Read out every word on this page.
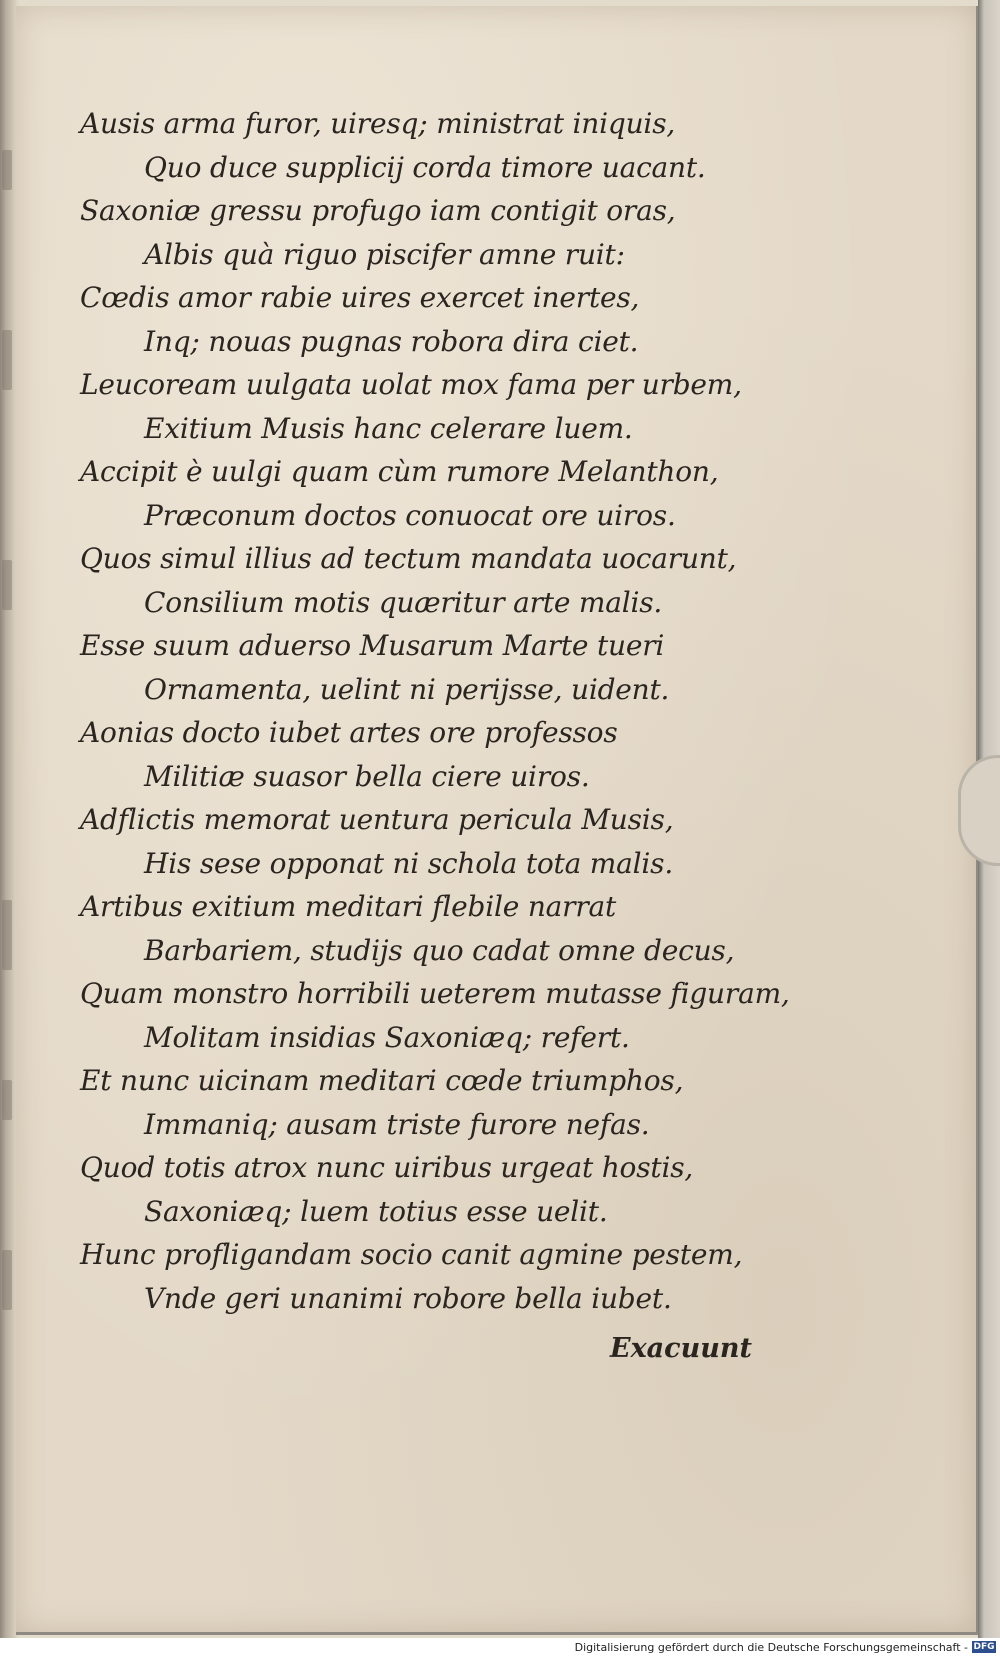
Ausis arma furor, uiresq; ministrat iniquis,
Quo duce supplicij corda timore uacant.
Saxoniæ gressu profugo iam contigit oras,
Albis quà riguo piscifer amne ruit:
Cœdis amor rabie uires exercet inertes,
Inq; nouas pugnas robora dira ciet.
Leucoream uulgata uolat mox fama per urbem,
Exitium Musis hanc celerare luem.
Accipit è uulgi quam cùm rumore Melanthon,
Præconum doctos conuocat ore uiros.
Quos simul illius ad tectum mandata uocarunt,
Consilium motis quæritur arte malis.
Esse suum aduerso Musarum Marte tueri
Ornamenta, uelint ni perijsse, uident.
Aonias docto iubet artes ore professos
Militiæ suasor bella ciere uiros.
Adflictis memorat uentura pericula Musis,
His sese opponat ni schola tota malis.
Artibus exitium meditari flebile narrat
Barbariem, studijs quo cadat omne decus,
Quam monstro horribili ueterem mutasse figuram,
Molitam insidias Saxoniæq; refert.
Et nunc uicinam meditari cœde triumphos,
Immaniq; ausam triste furore nefas.
Quod totis atrox nunc uiribus urgeat hostis,
Saxoniæq; luem totius esse uelit.
Hunc profligandam socio canit agmine pestem,
Vnde geri unanimi robore bella iubet.
Exacuunt
Digitalisierung gefördert durch die Deutsche Forschungsgemeinschaft - DFG
